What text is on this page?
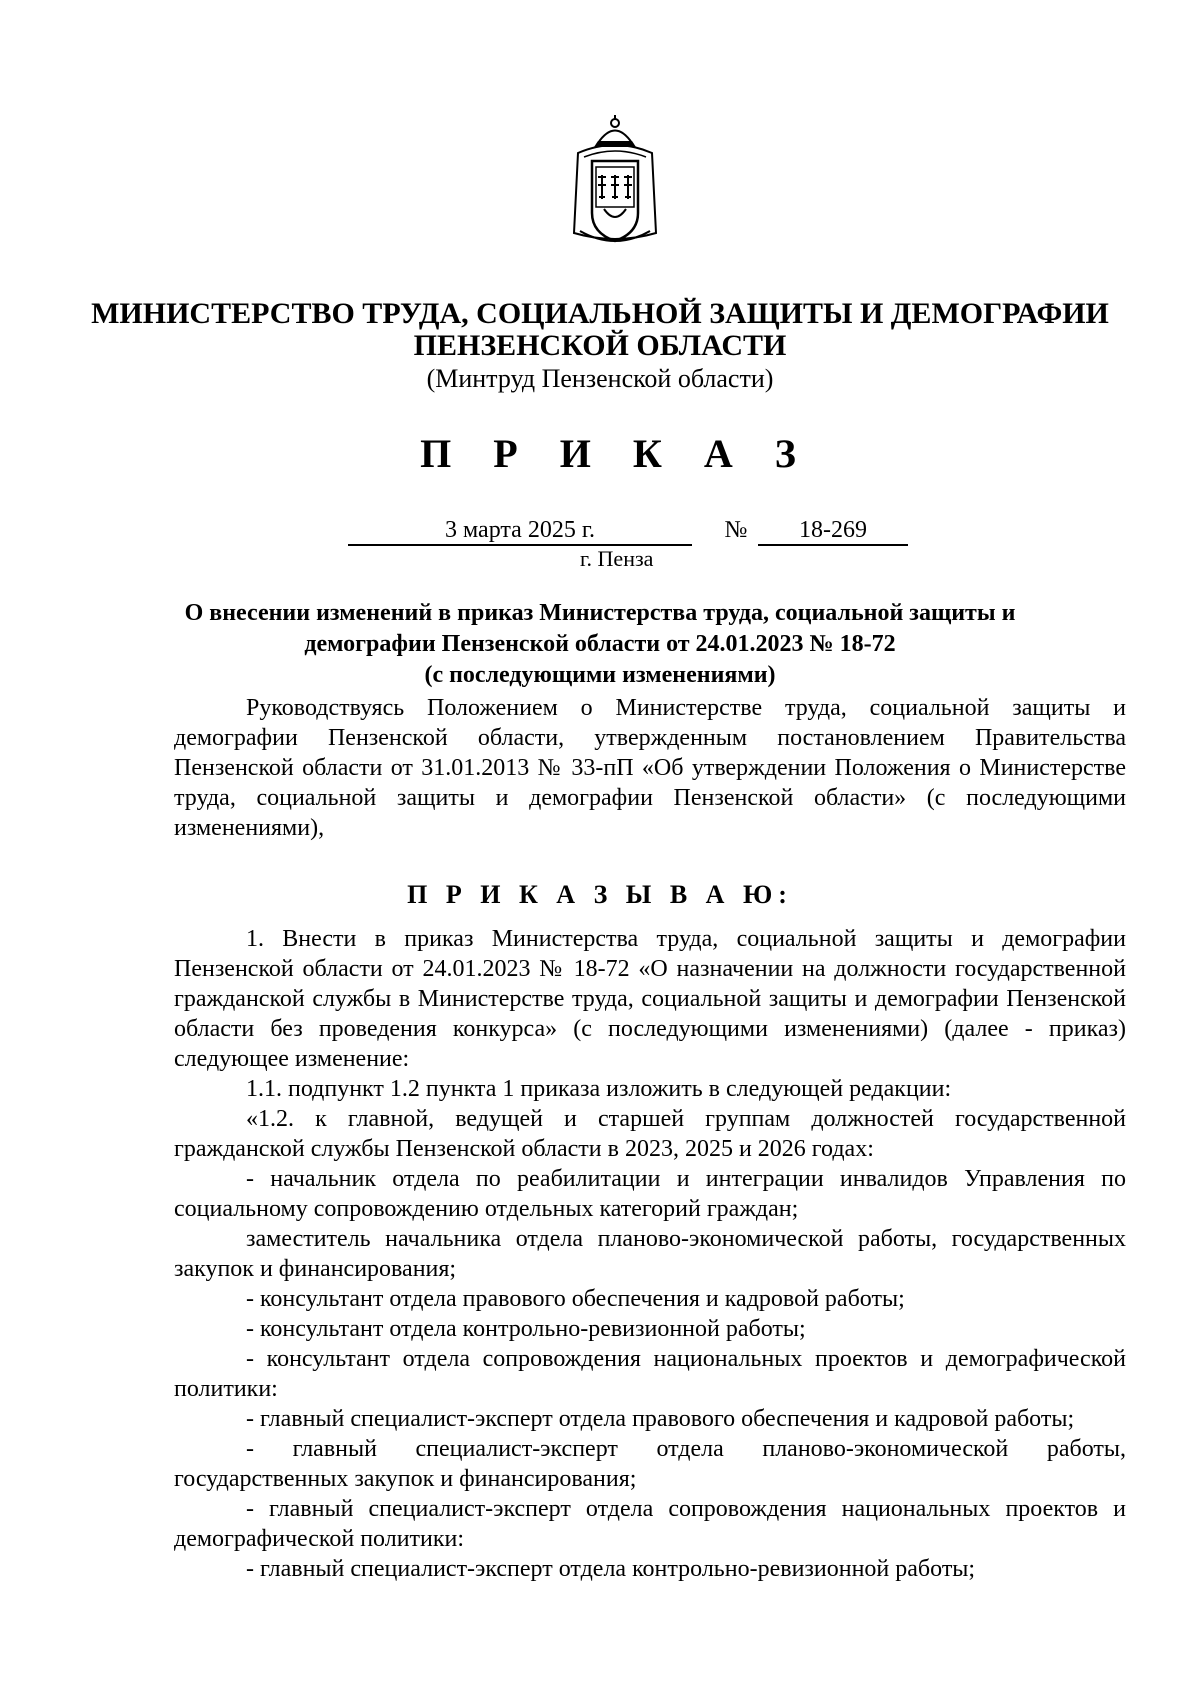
МИНИСТЕРСТВО ТРУДА, СОЦИАЛЬНОЙ ЗАЩИТЫ И ДЕМОГРАФИИ
ПЕНЗЕНСКОЙ ОБЛАСТИ
(Минтруд Пензенской области)
П Р И К А З
3 марта 2025 г.	№	18-269
г. Пенза
О внесении изменений в приказ Министерства труда, социальной защиты и
демографии Пензенской области от 24.01.2023 № 18-72
(с последующими изменениями)

Руководствуясь Положением о Министерстве труда, социальной защиты и демографии Пензенской области, утвержденным постановлением Правительства Пензенской области от 31.01.2013 № 33-пП «Об утверждении Положения о Министерстве труда, социальной защиты и демографии Пензенской области» (с последующими изменениями),

П Р И К А З Ы В А Ю:

1. Внести в приказ Министерства труда, социальной защиты и демографии Пензенской области от 24.01.2023 № 18-72 «О назначении на должности государственной гражданской службы в Министерстве труда, социальной защиты и демографии Пензенской области без проведения конкурса» (с последующими изменениями) (далее - приказ) следующее изменение:

1.1. подпункт 1.2 пункта 1 приказа изложить в следующей редакции:

«1.2. к главной, ведущей и старшей группам должностей государственной гражданской службы Пензенской области в 2023, 2025 и 2026 годах:

- начальник отдела по реабилитации и интеграции инвалидов Управления по социальному сопровождению отдельных категорий граждан;

заместитель начальника отдела планово-экономической работы, государственных закупок и финансирования;

- консультант отдела правового обеспечения и кадровой работы;

- консультант отдела контрольно-ревизионной работы;

- консультант отдела сопровождения национальных проектов и демографической политики:

- главный специалист-эксперт отдела правового обеспечения и кадровой работы;

- главный специалист-эксперт отдела планово-экономической работы, государственных закупок и финансирования;

- главный специалист-эксперт отдела сопровождения национальных проектов и демографической политики:

- главный специалист-эксперт отдела контрольно-ревизионной работы;
